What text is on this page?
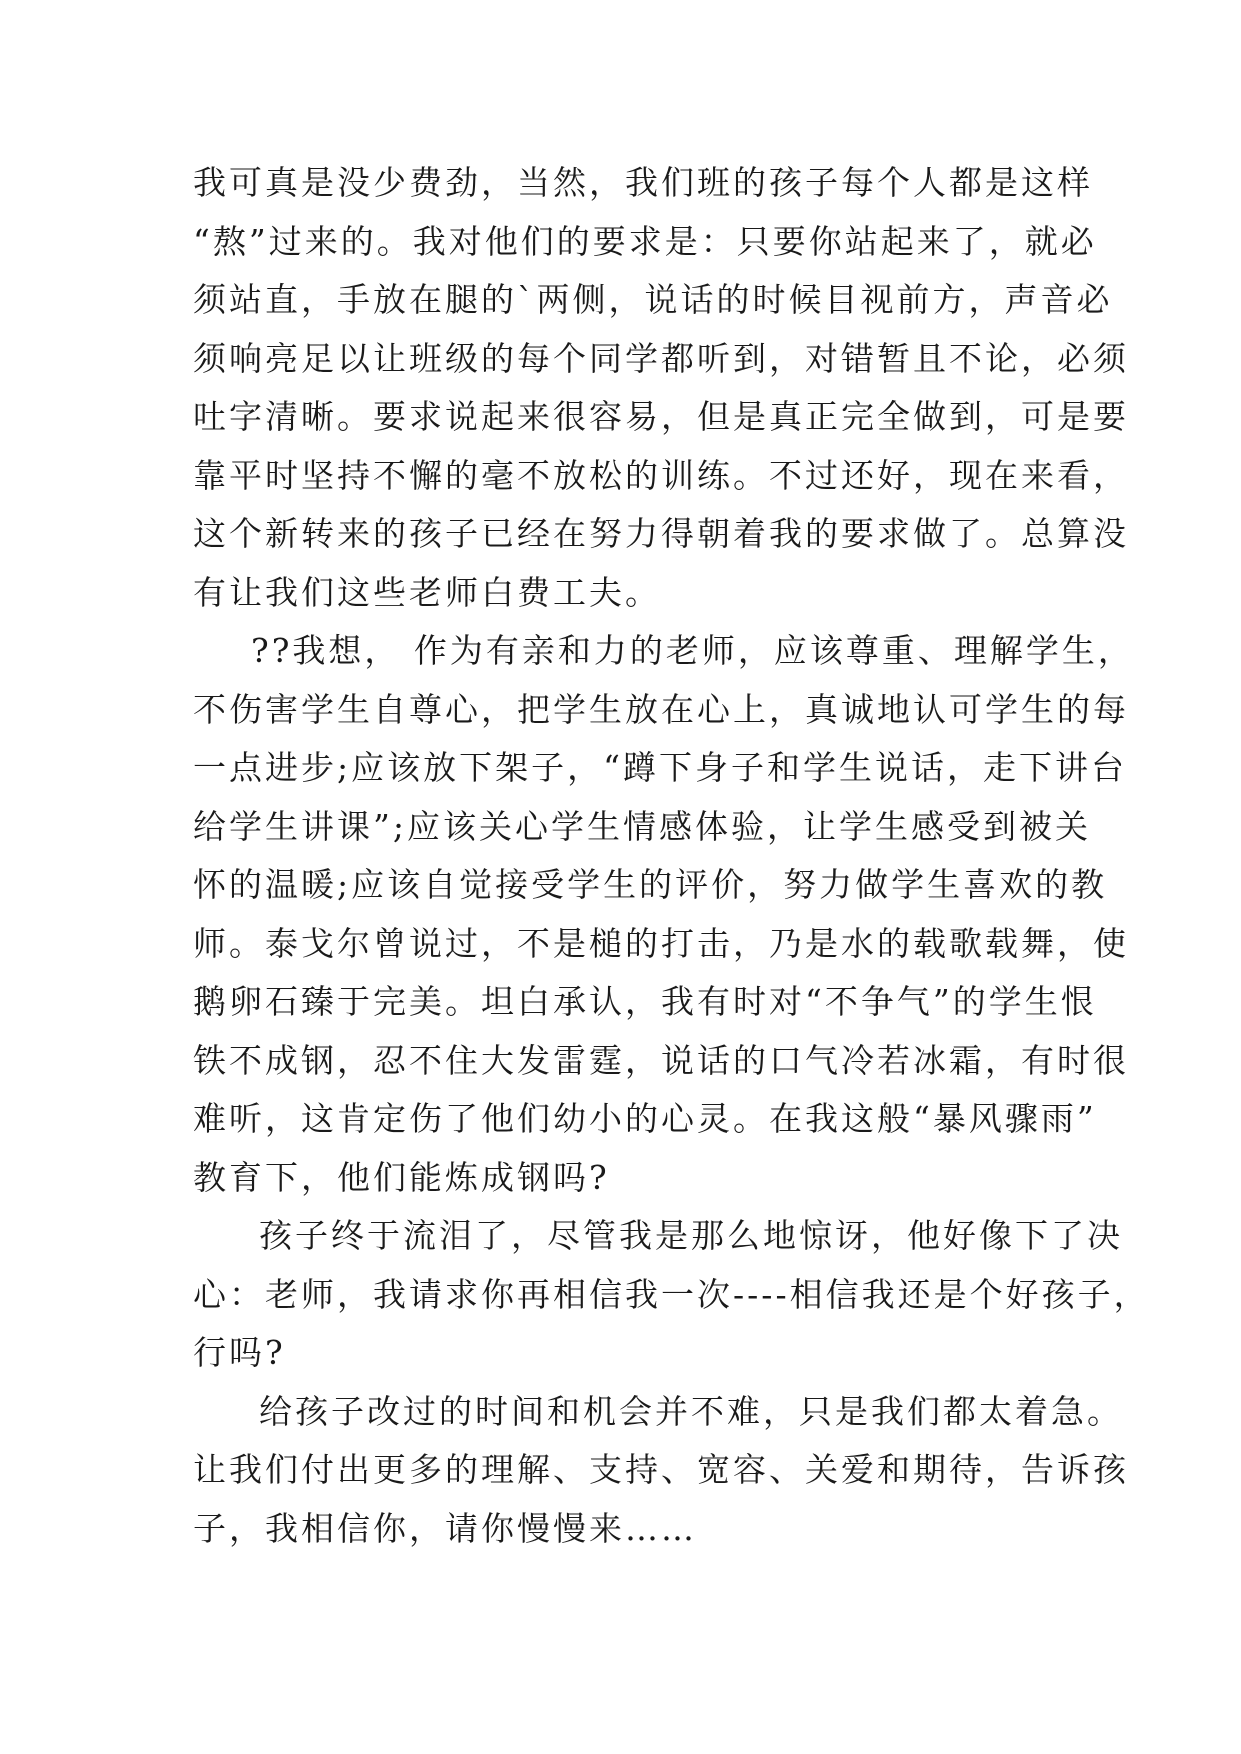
我可真是没少费劲，当然，我们班的孩子每个人都是这样
“熬”过来的。我对他们的要求是：只要你站起来了，就必
须站直，手放在腿的`两侧，说话的时候目视前方，声音必
须响亮足以让班级的每个同学都听到，对错暂且不论，必须
吐字清晰。要求说起来很容易，但是真正完全做到，可是要
靠平时坚持不懈的毫不放松的训练。不过还好，现在来看，
这个新转来的孩子已经在努力得朝着我的要求做了。总算没
有让我们这些老师白费工夫。
??我想， 作为有亲和力的老师，应该尊重、理解学生，
不伤害学生自尊心，把学生放在心上，真诚地认可学生的每
一点进步;应该放下架子，“蹲下身子和学生说话，走下讲台
给学生讲课”;应该关心学生情感体验，让学生感受到被关
怀的温暖;应该自觉接受学生的评价，努力做学生喜欢的教
师。泰戈尔曾说过，不是槌的打击，乃是水的载歌载舞，使
鹅卵石臻于完美。坦白承认，我有时对“不争气”的学生恨
铁不成钢，忍不住大发雷霆，说话的口气冷若冰霜，有时很
难听，这肯定伤了他们幼小的心灵。在我这般“暴风骤雨”
教育下，他们能炼成钢吗?
孩子终于流泪了，尽管我是那么地惊讶，他好像下了决
心：老师，我请求你再相信我一次----相信我还是个好孩子，
行吗?
给孩子改过的时间和机会并不难，只是我们都太着急。
让我们付出更多的理解、支持、宽容、关爱和期待，告诉孩
子，我相信你，请你慢慢来……
